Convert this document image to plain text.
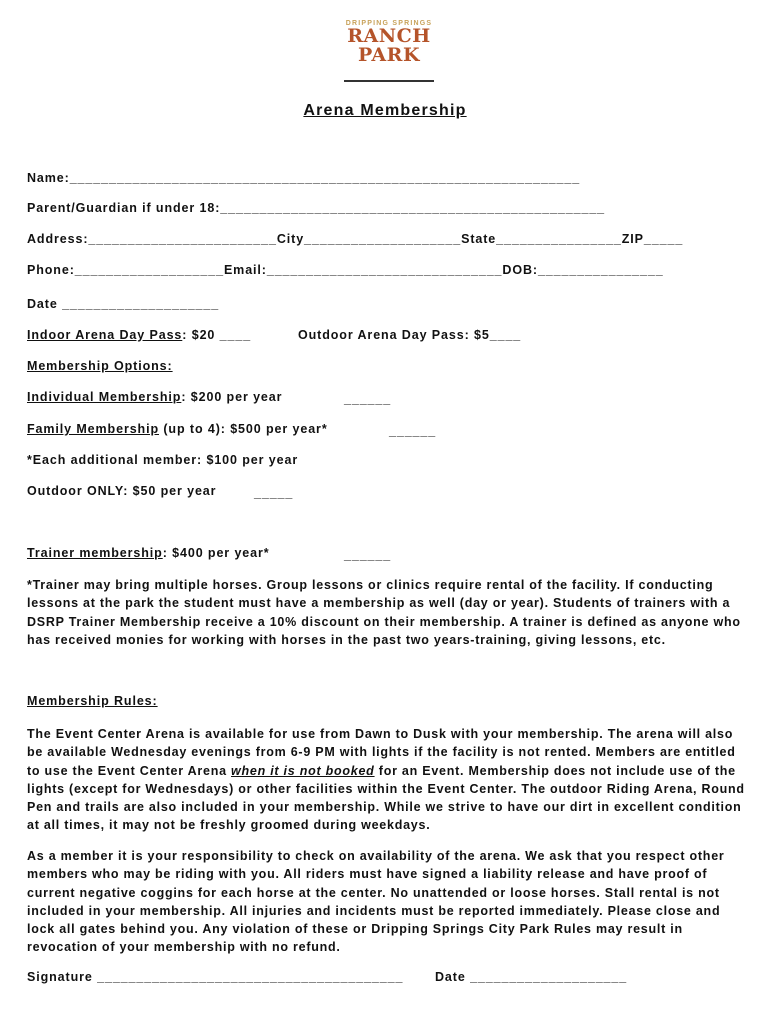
DRIPPING SPRINGS
RANCH
PARK
Arena Membership
Name:_________________________________________________________________
Parent/Guardian if under 18:_________________________________________________
Address:________________________City____________________State________________ZIP_____
Phone:___________________Email:______________________________DOB:________________
Date ____________________
Indoor Arena Day Pass: $20 ____	Outdoor Arena Day Pass: $5____
Membership Options:
Individual Membership: $200 per year	______
Family Membership (up to 4): $500 per year*	______
*Each additional member: $100 per year
Outdoor ONLY: $50 per year	_____
Trainer membership: $400 per year*	______
*Trainer may bring multiple horses. Group lessons or clinics require rental of the facility. If conducting lessons at the park the student must have a membership as well (day or year). Students of trainers with a DSRP Trainer Membership receive a 10% discount on their membership. A trainer is defined as anyone who has received monies for working with horses in the past two years-training, giving lessons, etc.
Membership Rules:
The Event Center Arena is available for use from Dawn to Dusk with your membership. The arena will also be available Wednesday evenings from 6-9 PM with lights if the facility is not rented. Members are entitled to use the Event Center Arena when it is not booked for an Event. Membership does not include use of the lights (except for Wednesdays) or other facilities within the Event Center. The outdoor Riding Arena, Round Pen and trails are also included in your membership. While we strive to have our dirt in excellent condition at all times, it may not be freshly groomed during weekdays.
As a member it is your responsibility to check on availability of the arena. We ask that you respect other members who may be riding with you. All riders must have signed a liability release and have proof of current negative coggins for each horse at the center. No unattended or loose horses. Stall rental is not included in your membership. All injuries and incidents must be reported immediately. Please close and lock all gates behind you. Any violation of these or Dripping Springs City Park Rules may result in revocation of your membership with no refund.
Signature _______________________________________	Date ____________________
